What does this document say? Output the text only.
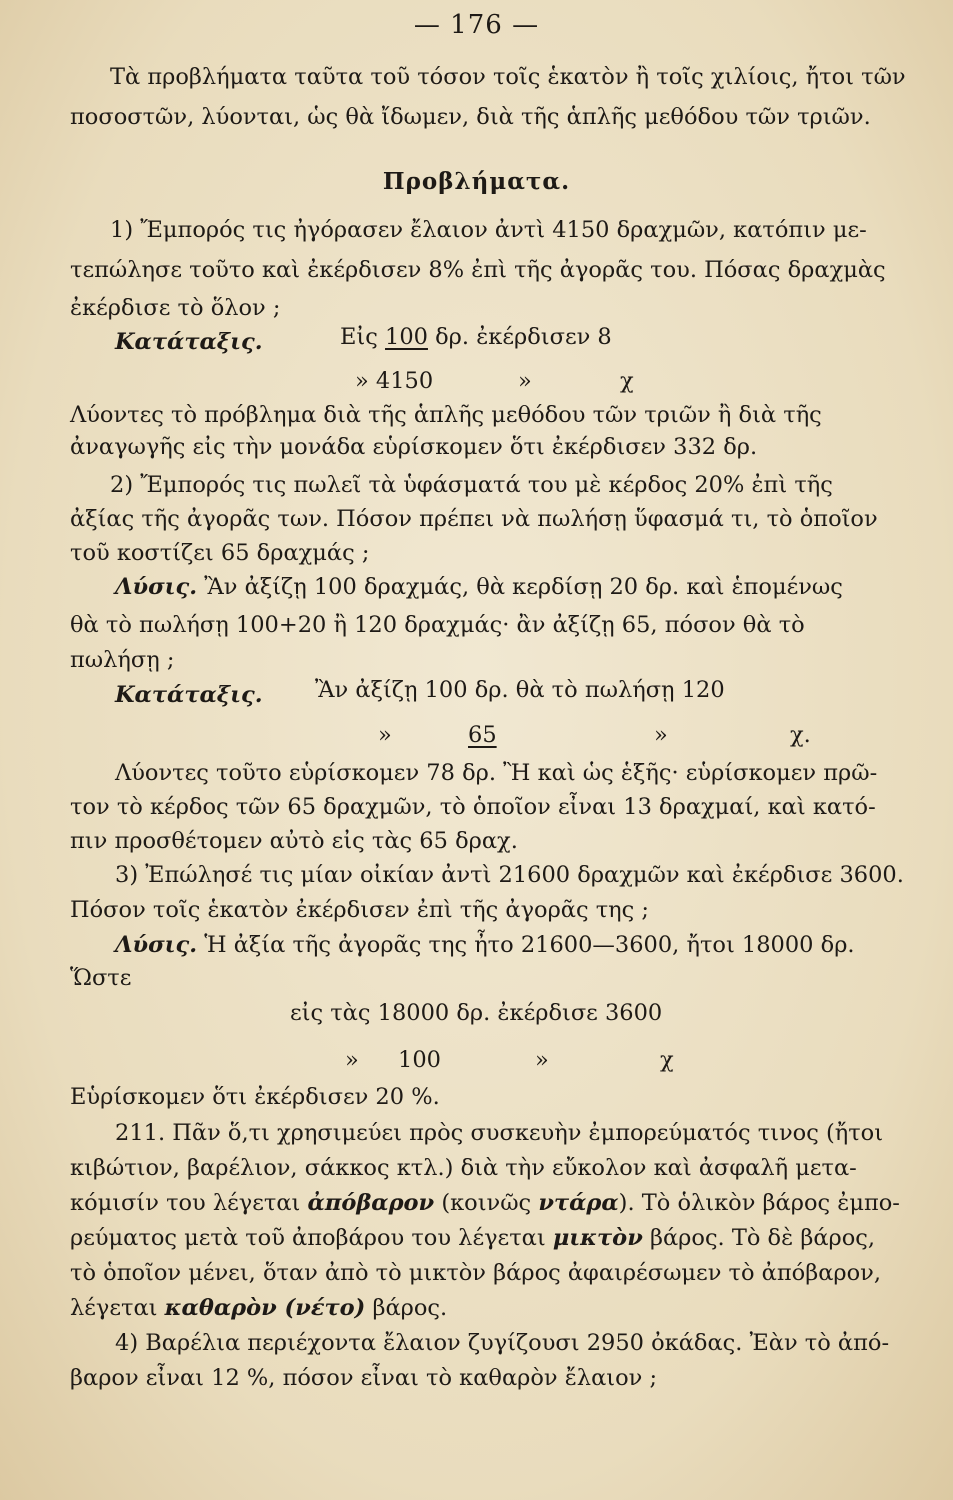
— 176 —
Τὰ προβλήματα ταῦτα τοῦ τόσον τοῖς ἑκατὸν ἢ τοῖς χιλίοις, ἤτοι τῶν
ποσοστῶν, λύονται, ὡς θὰ ἴδωμεν, διὰ τῆς ἁπλῆς μεθόδου τῶν τριῶν.
Προβλήματα.
1) Ἔμπορός τις ἠγόρασεν ἔλαιον ἀντὶ 4150 δραχμῶν, κατόπιν με-
τεπώλησε τοῦτο καὶ ἐκέρδισεν 8% ἐπὶ τῆς ἀγορᾶς του. Πόσας δραχμὰς
ἐκέρδισε τὸ ὅλον ;
Κατάταξις.	Εἰς 100 δρ. ἐκέρδισεν 8
» 4150	»	χ
Λύοντες τὸ πρόβλημα διὰ τῆς ἁπλῆς μεθόδου τῶν τριῶν ἢ διὰ τῆς
ἀναγωγῆς εἰς τὴν μονάδα εὑρίσκομεν ὅτι ἐκέρδισεν 332 δρ.
2) Ἔμπορός τις πωλεῖ τὰ ὑφάσματά του μὲ κέρδος 20% ἐπὶ τῆς
ἀξίας τῆς ἀγορᾶς των. Πόσον πρέπει νὰ πωλήσῃ ὕφασμά τι, τὸ ὁποῖον
τοῦ κοστίζει 65 δραχμάς ;
Λύσις. Ἂν ἀξίζῃ 100 δραχμάς, θὰ κερδίσῃ 20 δρ. καὶ ἑπομένως
θὰ τὸ πωλήσῃ 100+20 ἢ 120 δραχμάς· ἂν ἀξίζῃ 65, πόσον θὰ τὸ
πωλήσῃ ;
Κατάταξις. Ἂν ἀξίζῃ 100 δρ. θὰ τὸ πωλήσῃ 120
»	65	»	χ.
Λύοντες τοῦτο εὑρίσκομεν 78 δρ. Ἢ καὶ ὡς ἑξῆς· εὑρίσκομεν πρῶ-
τον τὸ κέρδος τῶν 65 δραχμῶν, τὸ ὁποῖον εἶναι 13 δραχμαί, καὶ κατό-
πιν προσθέτομεν αὐτὸ εἰς τὰς 65 δραχ.
3) Ἐπώλησέ τις μίαν οἰκίαν ἀντὶ 21600 δραχμῶν καὶ ἐκέρδισε 3600.
Πόσον τοῖς ἑκατὸν ἐκέρδισεν ἐπὶ τῆς ἀγορᾶς της ;
Λύσις. Ἡ ἀξία τῆς ἀγορᾶς της ἦτο 21600—3600, ἤτοι 18000 δρ.
Ὥστε
εἰς τὰς 18000 δρ. ἐκέρδισε 3600
» 100	»	χ
Εὑρίσκομεν ὅτι ἐκέρδισεν 20 %.
211. Πᾶν ὅ,τι χρησιμεύει πρὸς συσκευὴν ἐμπορεύματός τινος (ἤτοι
κιβώτιον, βαρέλιον, σάκκος κτλ.) διὰ τὴν εὔκολον καὶ ἀσφαλῆ μετα-
κόμισίν του λέγεται ἀπόβαρον (κοινῶς ντάρα). Τὸ ὁλικὸν βάρος ἐμπο-
ρεύματος μετὰ τοῦ ἀποβάρου του λέγεται μικτὸν βάρος. Τὸ δὲ βάρος,
τὸ ὁποῖον μένει, ὅταν ἀπὸ τὸ μικτὸν βάρος ἀφαιρέσωμεν τὸ ἀπόβαρον,
λέγεται καθαρὸν (νέτο) βάρος.
4) Βαρέλια περιέχοντα ἔλαιον ζυγίζουσι 2950 ὀκάδας. Ἐὰν τὸ ἀπό-
βαρον εἶναι 12 %, πόσον εἶναι τὸ καθαρὸν ἔλαιον ;
